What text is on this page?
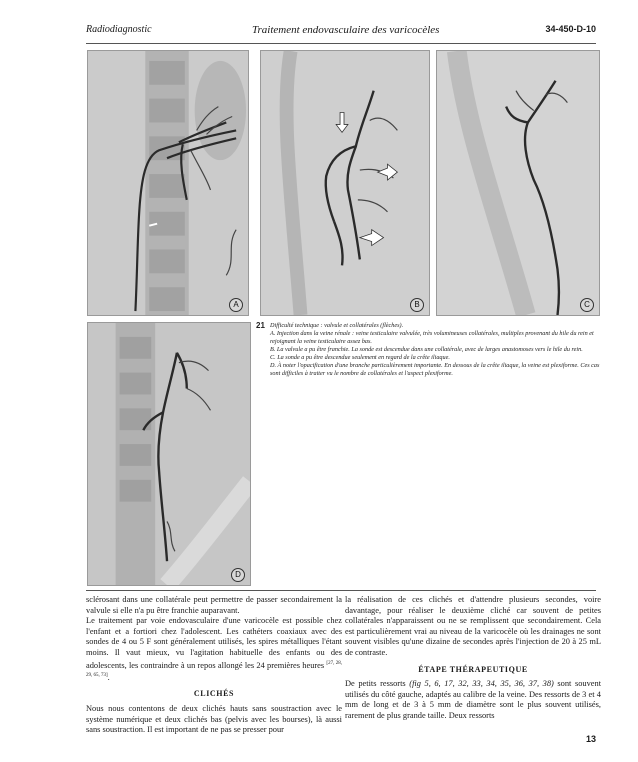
Radiodiagnostic	Traitement endovasculaire des varicocèles	34-450-D-10
A	B	C
D
21 Difficulté technique : valvule et collatérales (flèches).

A. Injection dans la veine rénale : veine testiculaire valvulée, très volumineuses collatérales, multiples provenant du hile du rein et rejoignant la veine testiculaire assez bas.

B. La valvule a pu être franchie. La sonde est descendue dans une collatérale, avec de larges anastomoses vers le hile du rein.

C. La sonde a pu être descendue seulement en regard de la crête iliaque.

D. À noter l'opacification d'une branche particulièrement importante. En dessous de la crête iliaque, la veine est plexiforme. Ces cas sont difficiles à traiter vu le nombre de collatérales et l'aspect plexiforme.

sclérosant dans une collatérale peut permettre de passer secondairement la valvule si elle n'a pu être franchie auparavant.

Le traitement par voie endovasculaire d'une varicocèle est possible chez l'enfant et a fortiori chez l'adolescent. Les cathéters coaxiaux avec des sondes de 4 ou 5 F sont généralement utilisés, les spires métalliques l'étant moins. Il vaut mieux, vu l'agitation habituelle des enfants ou des adolescents, les contraindre à un repos allongé les 24 premières heures [27, 28, 29, 65, 73].

CLICHÉS

Nous nous contentons de deux clichés hauts sans soustraction avec le système numérique et deux clichés bas (pelvis avec les bourses), là aussi sans soustraction. Il est important de ne pas se presser pour

la réalisation de ces clichés et d'attendre plusieurs secondes, voire davantage, pour réaliser le deuxième cliché car souvent de petites collatérales n'apparaissent ou ne se remplissent que secondairement. Cela est particulièrement vrai au niveau de la varicocèle où les drainages ne sont souvent visibles qu'une dizaine de secondes après l'injection de 20 à 25 mL de contraste.

ÉTAPE THÉRAPEUTIQUE

De petits ressorts (fig 5, 6, 17, 32, 33, 34, 35, 36, 37, 38) sont souvent utilisés du côté gauche, adaptés au calibre de la veine. Des ressorts de 3 et 4 mm de long et de 3 à 5 mm de diamètre sont le plus souvent utilisés, rarement de plus grande taille. Deux ressorts

13
